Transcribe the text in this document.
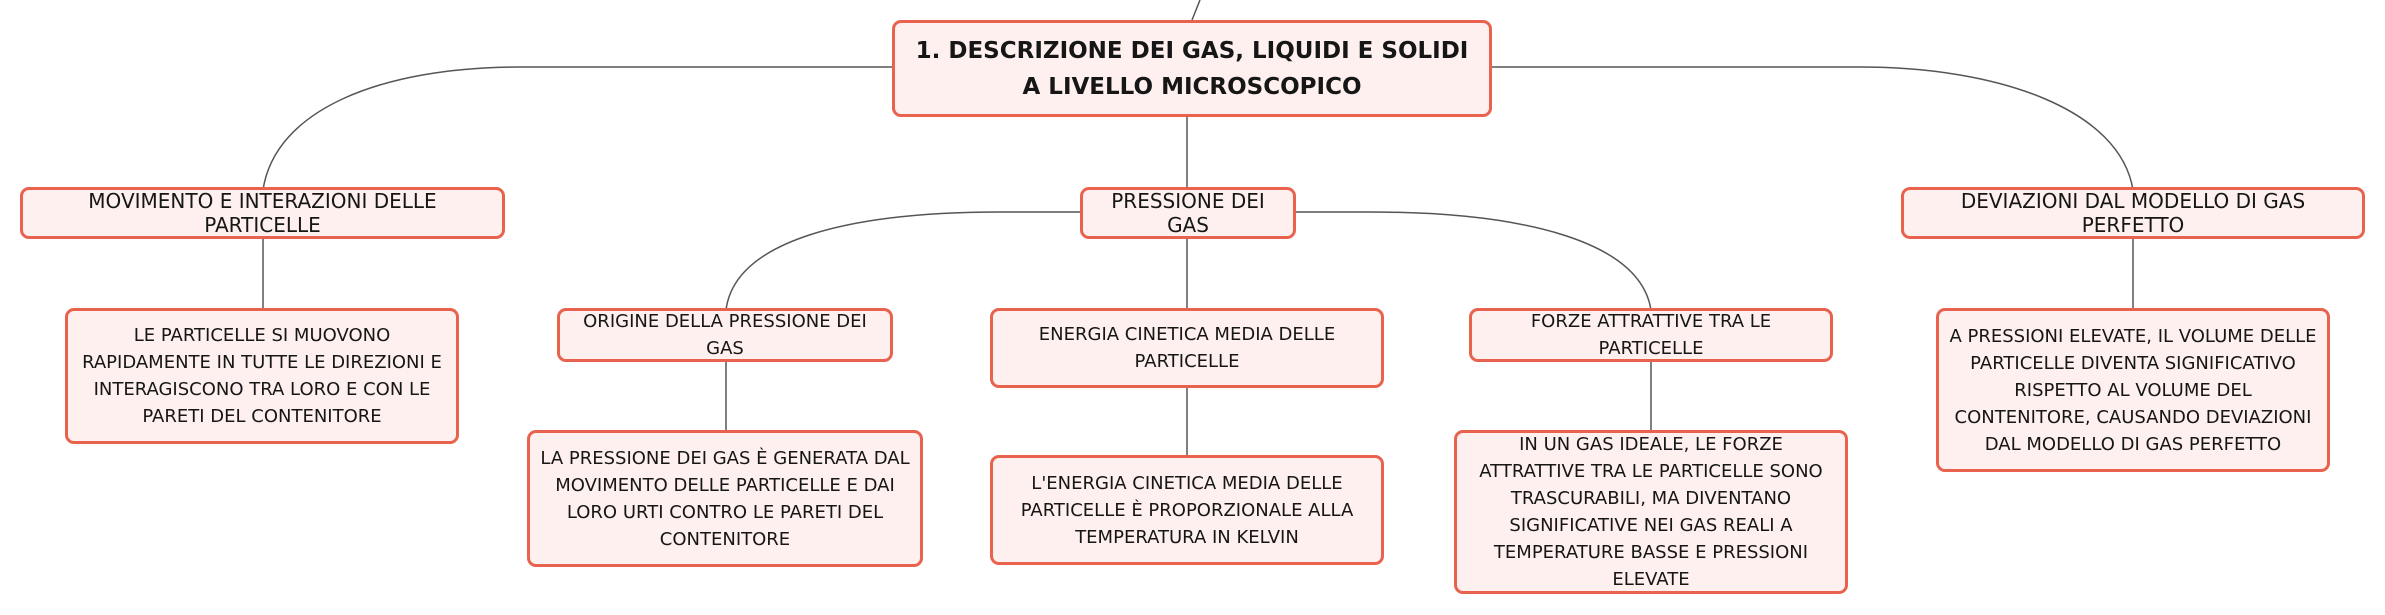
1. DESCRIZIONE DEI GAS, LIQUIDI E SOLIDI A LIVELLO MICROSCOPICO
MOVIMENTO E INTERAZIONI DELLE PARTICELLE
PRESSIONE DEI GAS
DEVIAZIONI DAL MODELLO DI GAS PERFETTO
LE PARTICELLE SI MUOVONO RAPIDAMENTE IN TUTTE LE DIREZIONI E INTERAGISCONO TRA LORO E CON LE PARETI DEL CONTENITORE
ORIGINE DELLA PRESSIONE DEI GAS
ENERGIA CINETICA MEDIA DELLE PARTICELLE
FORZE ATTRATTIVE TRA LE PARTICELLE
A PRESSIONI ELEVATE, IL VOLUME DELLE PARTICELLE DIVENTA SIGNIFICATIVO RISPETTO AL VOLUME DEL CONTENITORE, CAUSANDO DEVIAZIONI DAL MODELLO DI GAS PERFETTO
LA PRESSIONE DEI GAS È GENERATA DAL MOVIMENTO DELLE PARTICELLE E DAI LORO URTI CONTRO LE PARETI DEL CONTENITORE
L'ENERGIA CINETICA MEDIA DELLE PARTICELLE È PROPORZIONALE ALLA TEMPERATURA IN KELVIN
IN UN GAS IDEALE, LE FORZE ATTRATTIVE TRA LE PARTICELLE SONO TRASCURABILI, MA DIVENTANO SIGNIFICATIVE NEI GAS REALI A TEMPERATURE BASSE E PRESSIONI ELEVATE
